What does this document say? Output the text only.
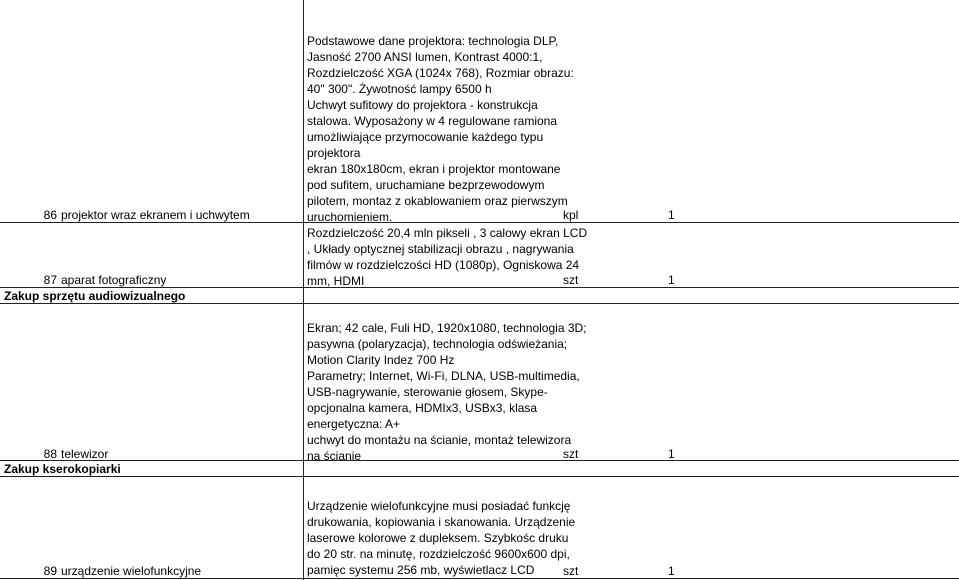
86 projektor wraz ekranem i uchwytem
Podstawowe dane projektora: technologia DLP,
Jasność 2700 ANSI lumen, Kontrast 4000:1,
Rozdzielczość XGA (1024x 768), Rozmiar obrazu:
40" 300". Żywotność lampy 6500 h
Uchwyt sufitowy do projektora - konstrukcja
stalowa. Wyposażony w 4 regulowane ramiona
umożliwiające przymocowanie każdego typu
projektora
ekran 180x180cm, ekran i projektor montowane
pod sufitem, uruchamiane bezprzewodowym
pilotem, montaz z okablowaniem oraz pierwszym
uruchomieniem.	kpl	1
87 aparat fotograficzny
Rozdzielczość 20,4 mln pikseli , 3 calowy ekran LCD
, Układy optycznej stabilizacji obrazu , nagrywania
filmów w rozdzielczości HD (1080p), Ogniskowa 24
mm, HDMI	szt	1
Zakup sprzętu audiowizualnego
88 telewizor
Ekran; 42 cale, Fuli HD, 1920x1080, technologia 3D;
pasywna (polaryzacja), technologia odświeżania;
Motion Clarity Indez 700 Hz
Parametry; Internet, Wi-Fi, DLNA, USB-multimedia,
USB-nagrywanie, sterowanie głosem, Skype-
opcjonalna kamera, HDMIx3, USBx3, klasa
energetyczna: A+
uchwyt do montażu na ścianie, montaż telewizora
na ścianie	szt	1
Zakup kserokopiarki
89 urządzenie wielofunkcyjne
Urządzenie wielofunkcyjne musi posiadać funkcję
drukowania, kopiowania i skanowania. Urządzenie
laserowe kolorowe z dupleksem. Szybkośc druku
do 20 str. na minutę, rozdzielczość 9600x600 dpi,
pamięc systemu 256 mb, wyświetlacz LCD	szt	1
